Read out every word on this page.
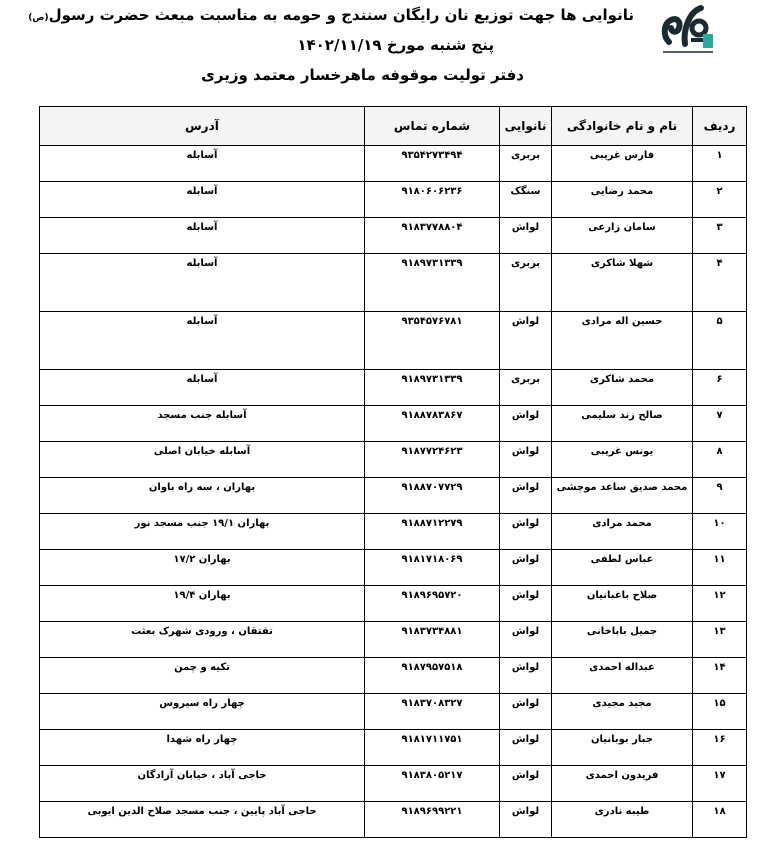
نانوایی ها جهت توزیع نان رایگان سنندج و حومه به مناسبت مبعث حضرت رسول(ص)
پنج شنبه مورخ ۱۴۰۲/۱۱/۱۹
دفتر تولیت موقوفه ماهرخسار معتمد وزیری
ردیف	نام و نام خانوادگی	نانوایی	شماره تماس	آدرس
۱	فارس غریبی	بربری	۹۳۵۴۲۷۳۴۹۴	آسابله
۲	محمد رضایی	سنگک	۹۱۸۰۶۰۶۲۳۶	آسابله
۳	سامان زارعی	لواش	۹۱۸۳۷۷۸۸۰۴	آسابله
۴	شهلا شاکری	بربری	۹۱۸۹۷۳۱۳۳۹	آسابله
۵	حسین اله مرادی	لواش	۹۳۵۴۵۷۶۷۸۱	آسابله
۶	محمد شاکری	بربری	۹۱۸۹۷۳۱۳۳۹	آسابله
۷	صالح زند سلیمی	لواش	۹۱۸۸۷۸۳۸۶۷	آسابله جنب مسجد
۸	یونس غریبی	لواش	۹۱۸۷۷۲۴۶۲۳	آسابله خیابان اصلی
۹	محمد صدیق ساعد موچشی	لواش	۹۱۸۸۷۰۷۷۲۹	بهاران ، سه راه باوان
۱۰	محمد مرادی	لواش	۹۱۸۸۷۱۲۲۷۹	بهاران ۱۹/۱ جنب مسجد نور
۱۱	عباس لطفی	لواش	۹۱۸۱۷۱۸۰۶۹	بهاران ۱۷/۲
۱۲	صلاح باغبانیان	لواش	۹۱۸۹۶۹۵۷۲۰	بهاران ۱۹/۴
۱۳	جمیل باباخانی	لواش	۹۱۸۳۷۳۴۸۸۱	تقتقان ، ورودی شهرک بعثت
۱۴	عبداله احمدی	لواش	۹۱۸۷۹۵۷۵۱۸	تکیه و چمن
۱۵	مجید مجیدی	لواش	۹۱۸۳۷۰۸۳۲۷	چهار راه سیروس
۱۶	جبار بوبانیان	لواش	۹۱۸۱۷۱۱۷۵۱	چهار راه شهدا
۱۷	فریدون احمدی	لواش	۹۱۸۳۸۰۵۲۱۷	حاجی آباد ، خیابان آزادگان
۱۸	طیبه نادری	لواش	۹۱۸۹۶۹۹۲۲۱	حاجی آباد پایین ، جنب مسجد صلاح الدین ایوبی
